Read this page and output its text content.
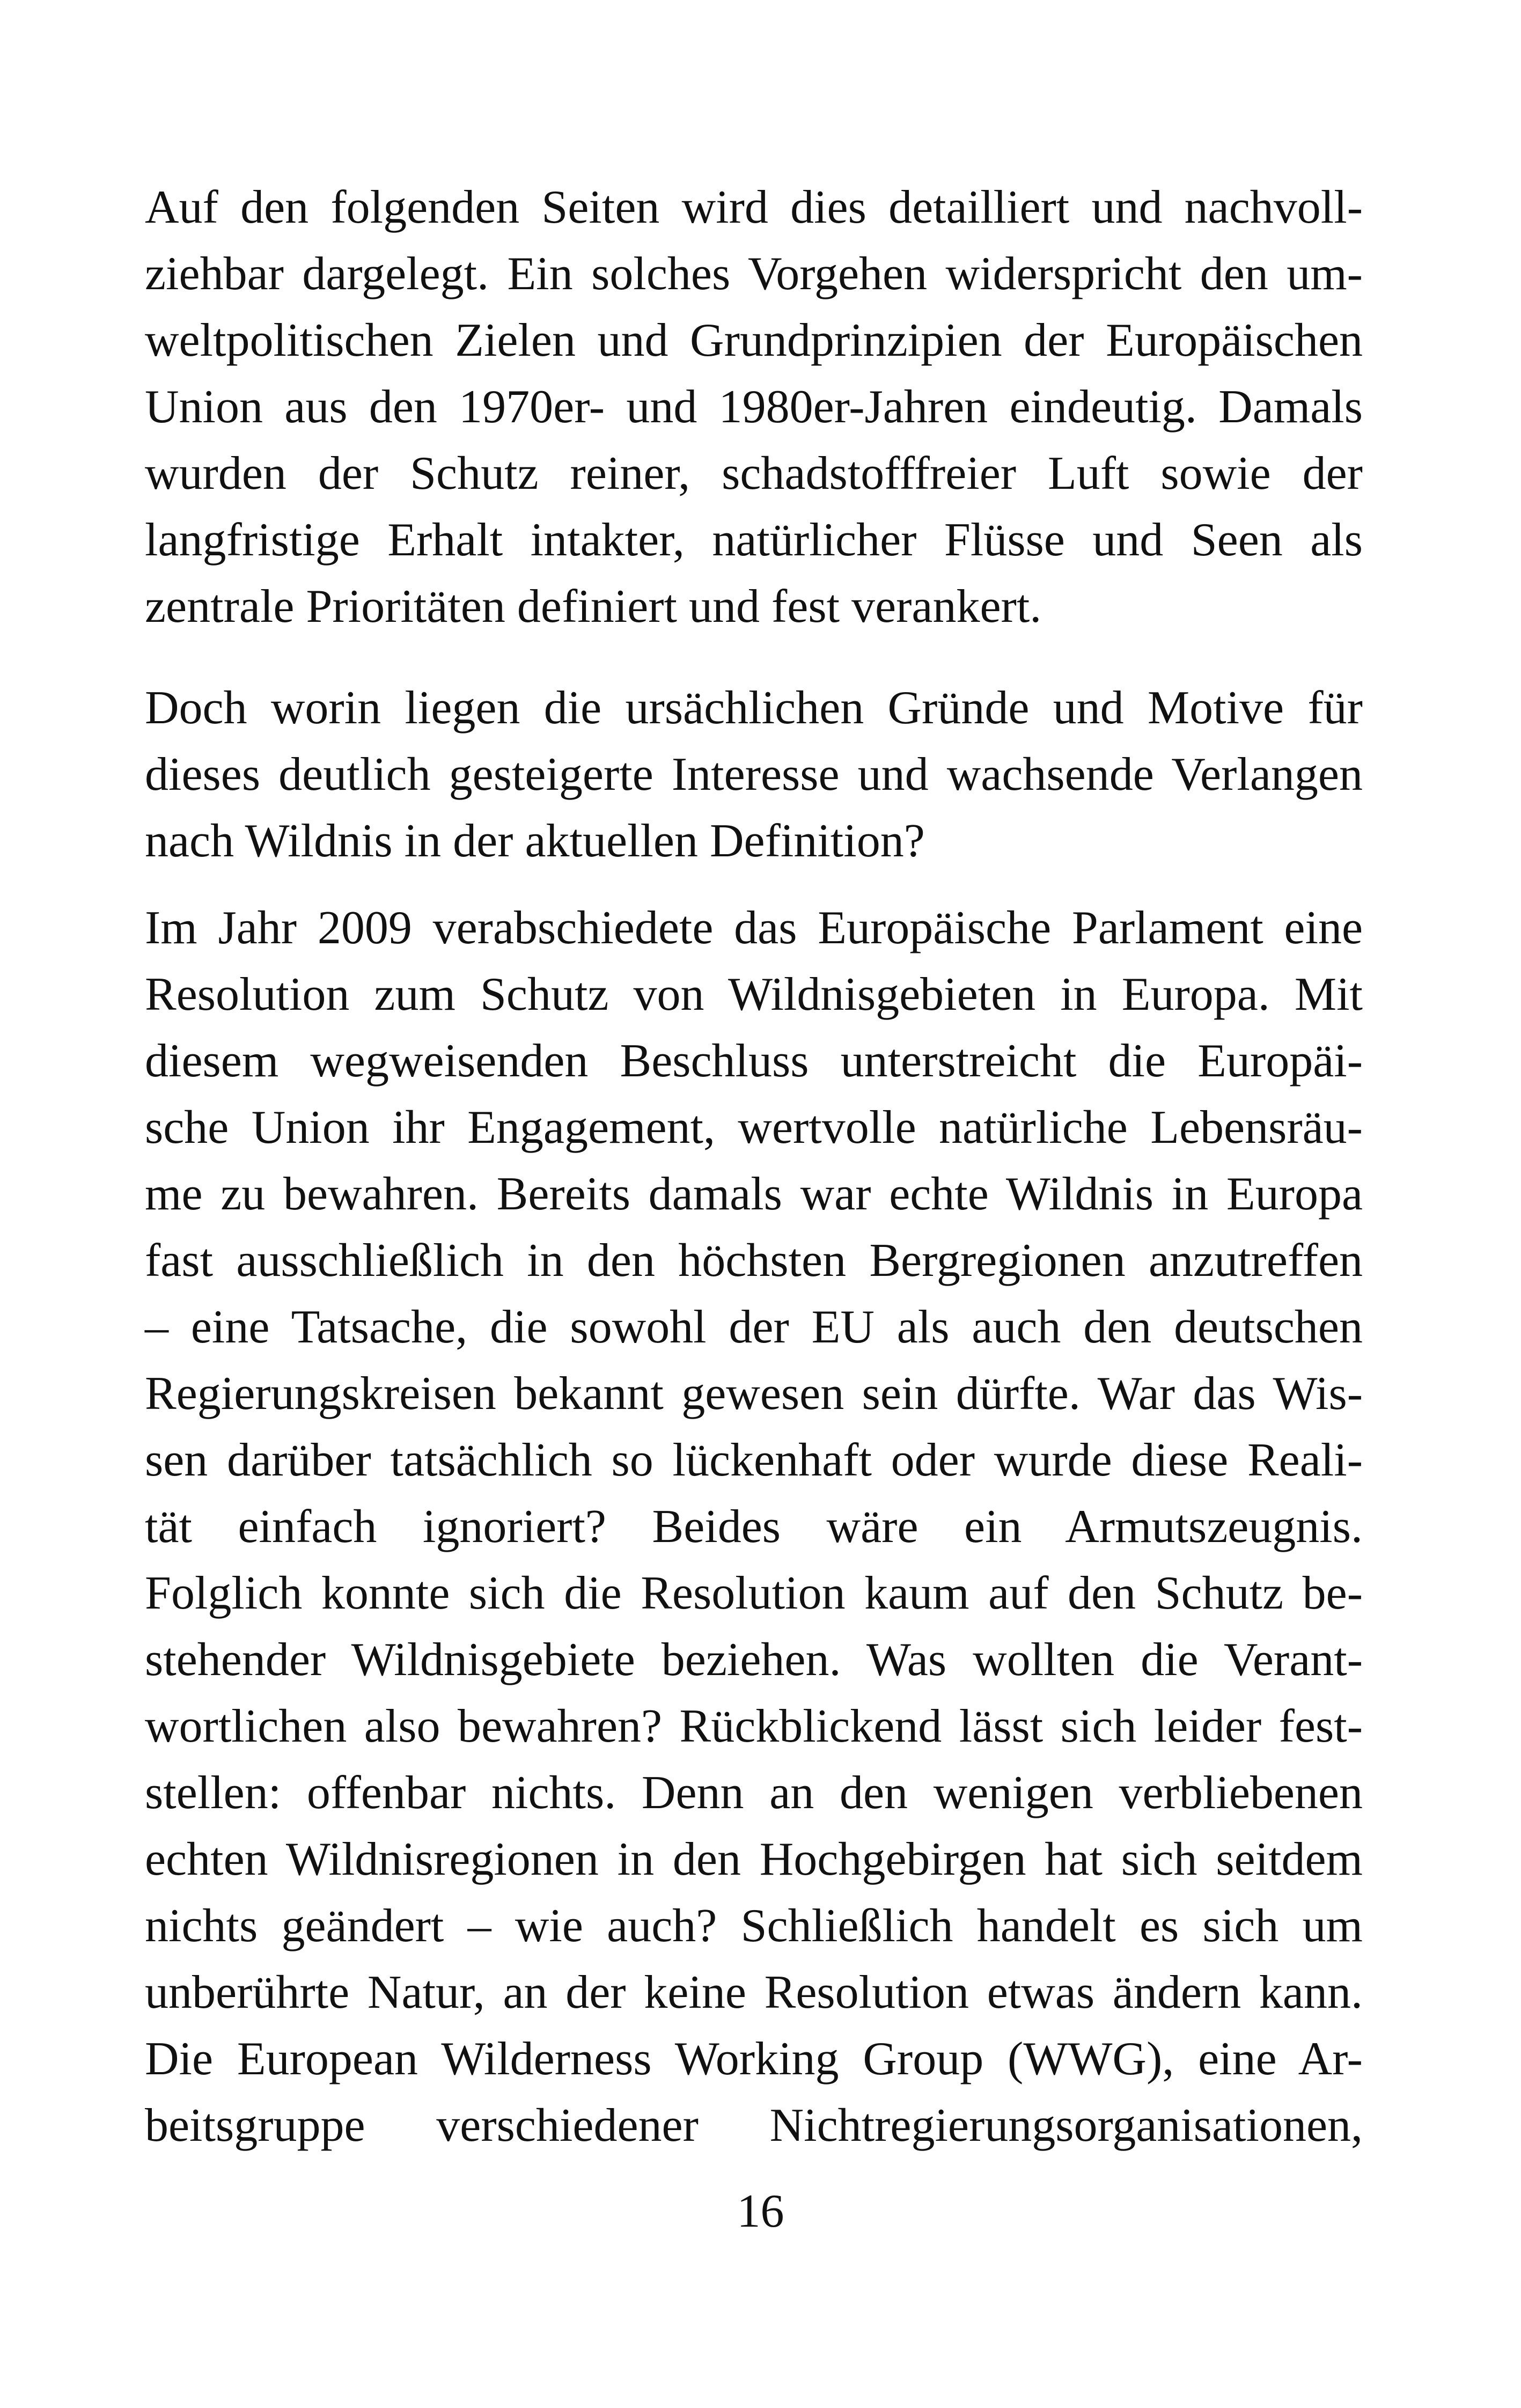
Auf den folgenden Seiten wird dies detailliert und nachvoll-
ziehbar dargelegt. Ein solches Vorgehen widerspricht den um-
weltpolitischen Zielen und Grundprinzipien der Europäischen
Union aus den 1970er- und 1980er-Jahren eindeutig. Damals
wurden der Schutz reiner, schadstofffreier Luft sowie der
langfristige Erhalt intakter, natürlicher Flüsse und Seen als
zentrale Prioritäten definiert und fest verankert.
Doch worin liegen die ursächlichen Gründe und Motive für
dieses deutlich gesteigerte Interesse und wachsende Verlangen
nach Wildnis in der aktuellen Definition?
Im Jahr 2009 verabschiedete das Europäische Parlament eine
Resolution zum Schutz von Wildnisgebieten in Europa. Mit
diesem wegweisenden Beschluss unterstreicht die Europäi-
sche Union ihr Engagement, wertvolle natürliche Lebensräu-
me zu bewahren. Bereits damals war echte Wildnis in Europa
fast ausschließlich in den höchsten Bergregionen anzutreffen
– eine Tatsache, die sowohl der EU als auch den deutschen
Regierungskreisen bekannt gewesen sein dürfte. War das Wis-
sen darüber tatsächlich so lückenhaft oder wurde diese Reali-
tät einfach ignoriert? Beides wäre ein Armutszeugnis.
Folglich konnte sich die Resolution kaum auf den Schutz be-
stehender Wildnisgebiete beziehen. Was wollten die Verant-
wortlichen also bewahren? Rückblickend lässt sich leider fest-
stellen: offenbar nichts. Denn an den wenigen verbliebenen
echten Wildnisregionen in den Hochgebirgen hat sich seitdem
nichts geändert – wie auch? Schließlich handelt es sich um
unberührte Natur, an der keine Resolution etwas ändern kann.
Die European Wilderness Working Group (WWG), eine Ar-
beitsgruppe verschiedener Nichtregierungsorganisationen,
16
